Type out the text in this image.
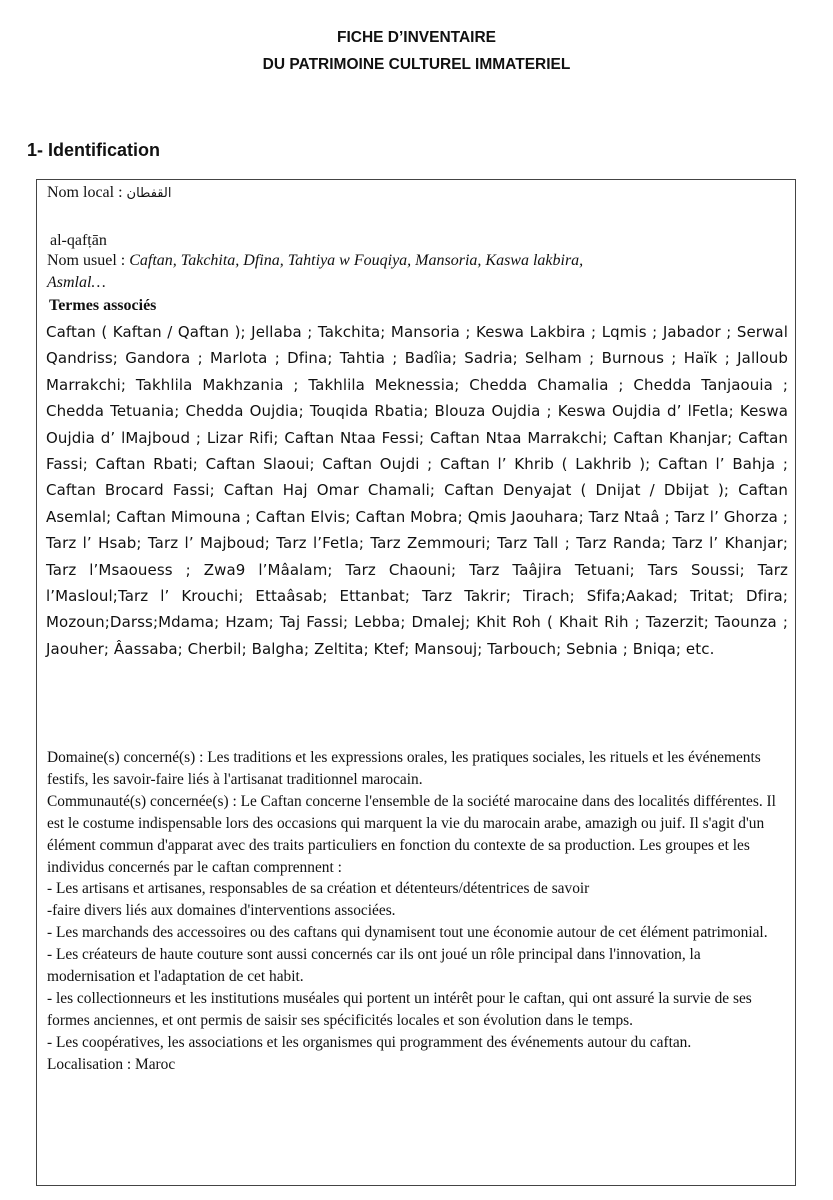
FICHE D’INVENTAIRE
DU PATRIMOINE CULTUREL IMMATERIEL
1- Identification
Nom local : القفطان
al-qafṭān
Nom usuel : Caftan, Takchita, Dfina, Tahtiya w Fouqiya, Mansoria, Kaswa lakbira,
Asmlal…
Termes associés
Caftan ( Kaftan / Qaftan ); Jellaba ; Takchita; Mansoria ; Keswa Lakbira ; Lqmis ; Jabador ; Serwal Qandriss; Gandora ; Marlota ; Dfina; Tahtia ; Badîia; Sadria; Selham ; Burnous ; Haïk ; Jalloub Marrakchi; Takhlila Makhzania ; Takhlila Meknessia; Chedda Chamalia ; Chedda Tanjaouia ; Chedda Tetuania; Chedda Oujdia; Touqida Rbatia; Blouza Oujdia ; Keswa Oujdia d’ lFetla; Keswa Oujdia d’ lMajboud ; Lizar Rifi; Caftan Ntaa Fessi; Caftan Ntaa Marrakchi; Caftan Khanjar; Caftan Fassi; Caftan Rbati; Caftan Slaoui; Caftan Oujdi ; Caftan l’ Khrib ( Lakhrib ); Caftan l’ Bahja ; Caftan Brocard Fassi; Caftan Haj Omar Chamali; Caftan Denyajat ( Dnijat / Dbijat ); Caftan Asemlal; Caftan Mimouna ; Caftan Elvis; Caftan Mobra; Qmis Jaouhara; Tarz Ntaâ ; Tarz l’ Ghorza ; Tarz l’ Hsab; Tarz l’ Majboud; Tarz l’Fetla; Tarz Zemmouri; Tarz Tall ; Tarz Randa; Tarz l’ Khanjar; Tarz l’Msaouess ; Zwa9 l’Mâalam; Tarz Chaouni; Tarz Taâjira Tetuani; Tars Soussi; Tarz l’Masloul;Tarz l’ Krouchi; Ettaâsab; Ettanbat; Tarz Takrir; Tirach; Sfifa;Aakad; Tritat; Dfira; Mozoun;Darss;Mdama; Hzam; Taj Fassi; Lebba; Dmalej; Khit Roh ( Khait Rih ; Tazerzit; Taounza ; Jaouher; Âassaba; Cherbil; Balgha; Zeltita; Ktef; Mansouj; Tarbouch; Sebnia ; Bniqa; etc.

Domaine(s) concerné(s) : Les traditions et les expressions orales, les pratiques sociales, les rituels et les événements festifs, les savoir-faire liés à l'artisanat traditionnel marocain.

Communauté(s) concernée(s) : Le Caftan concerne l'ensemble de la société marocaine dans des localités différentes. Il est le costume indispensable lors des occasions qui marquent la vie du marocain arabe, amazigh ou juif. Il s'agit d'un élément commun d'apparat avec des traits particuliers en fonction du contexte de sa production. Les groupes et les individus concernés par le caftan comprennent :

- Les artisans et artisanes, responsables de sa création et détenteurs/détentrices de savoir
-faire divers liés aux domaines d'interventions associées.

- Les marchands des accessoires ou des caftans qui dynamisent tout une économie autour de cet élément patrimonial.

- Les créateurs de haute couture sont aussi concernés car ils ont joué un rôle principal dans l'innovation, la modernisation et l'adaptation de cet habit.

- les collectionneurs et les institutions muséales qui portent un intérêt pour le caftan, qui ont assuré la survie de ses formes anciennes, et ont permis de saisir ses spécificités locales et son évolution dans le temps.

- Les coopératives, les associations et les organismes qui programment des événements autour du caftan.

Localisation : Maroc
